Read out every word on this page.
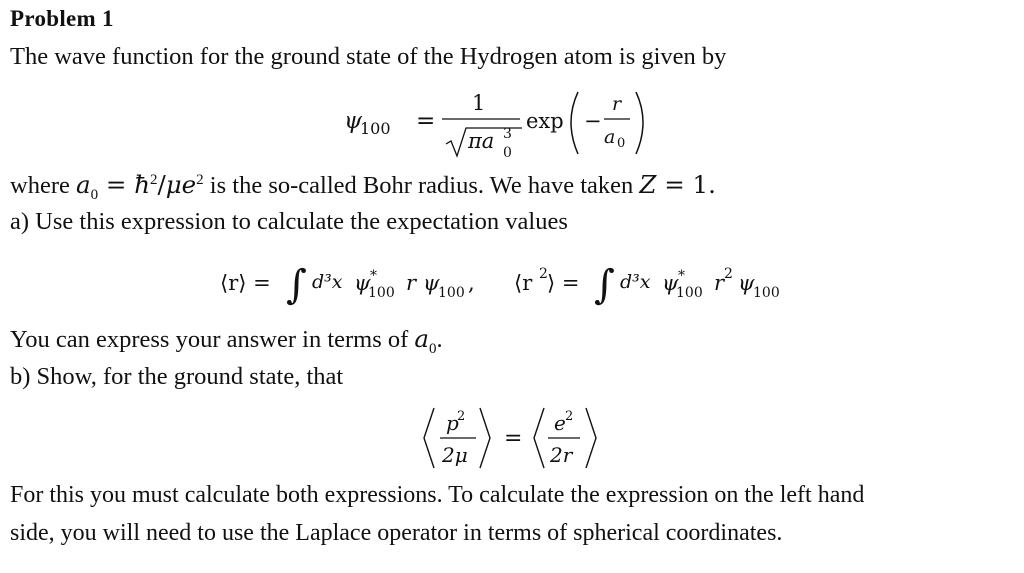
Problem 1
The wave function for the ground state of the Hydrogen atom is given by
ψ
100 =
1
πa 3
0
exp −
r
a 0
where $a_0$ = $ħ^2/\mu e^2$ is the so-called Bohr radius. We have taken Z = 1.
a) Use this expression to calculate the expectation values
⟨r⟩ = ∫ d³x ψ *
100 r ψ
100 , ⟨r 2 ⟩ = ∫ d³x ψ *
100 r 2 ψ
100
You can express your answer in terms of $a_0$.
b) Show, for the ground state, that
p
2
2μ
=
e 2
2r
For this you must calculate both expressions. To calculate the expression on the left hand
side, you will need to use the Laplace operator in terms of spherical coordinates.
